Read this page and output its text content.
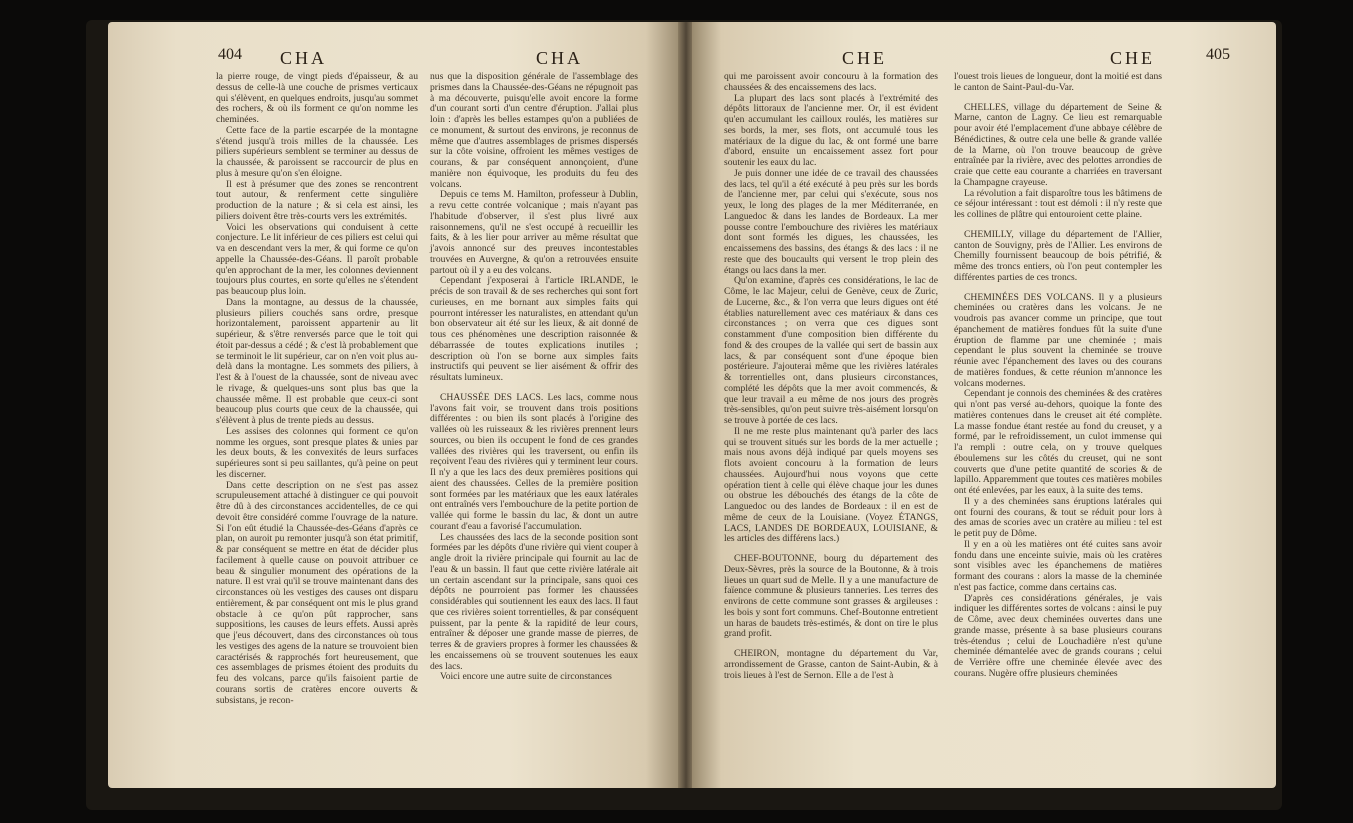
404 CHA	CHA

la pierre rouge, de vingt pieds d'épaisseur, & au dessus de celle-là une couche de prismes verticaux qui s'élèvent, en quelques endroits, jusqu'au sommet des rochers, & où ils forment ce qu'on nomme les cheminées.

Cette face de la partie escarpée de la montagne s'étend jusqu'à trois milles de la chaussée. Les piliers supérieurs semblent se terminer au dessus de la chaussée, & paroissent se raccourcir de plus en plus à mesure qu'on s'en éloigne.

Il est à présumer que des zones se rencontrent tout autour, & renferment cette singulière production de la nature ; & si cela est ainsi, les piliers doivent être très-courts vers les extrémités.

Voici les observations qui conduisent à cette conjecture. Le lit inférieur de ces piliers est celui qui va en descendant vers la mer, & qui forme ce qu'on appelle la Chaussée-des-Géans. Il paroît probable qu'en approchant de la mer, les colonnes deviennent toujours plus courtes, en sorte qu'elles ne s'étendent pas beaucoup plus loin.

Dans la montagne, au dessus de la chaussée, plusieurs piliers couchés sans ordre, presque horizontalement, paroissent appartenir au lit supérieur, & s'être renversés parce que le toit qui étoit par-dessus a cédé ; & c'est là probablement que se terminoit le lit supérieur, car on n'en voit plus au-delà dans la montagne. Les sommets des piliers, à l'est & à l'ouest de la chaussée, sont de niveau avec le rivage, & quelques-uns sont plus bas que la chaussée même. Il est probable que ceux-ci sont beaucoup plus courts que ceux de la chaussée, qui s'élèvent à plus de trente pieds au dessus.

Les assises des colonnes qui forment ce qu'on nomme les orgues, sont presque plates & unies par les deux bouts, & les convexités de leurs surfaces supérieures sont si peu saillantes, qu'à peine on peut les discerner.

Dans cette description on ne s'est pas assez scrupuleusement attaché à distinguer ce qui pouvoit être dû à des circonstances accidentelles, de ce qui devoit être considéré comme l'ouvrage de la nature. Si l'on eût étudié la Chaussée-des-Géans d'après ce plan, on auroit pu remonter jusqu'à son état primitif, & par conséquent se mettre en état de décider plus facilement à quelle cause on pouvoit attribuer ce beau & singulier monument des opérations de la nature. Il est vrai qu'il se trouve maintenant dans des circonstances où les vestiges des causes ont disparu entièrement, & par conséquent ont mis le plus grand obstacle à ce qu'on pût rapprocher, sans suppositions, les causes de leurs effets. Aussi après que j'eus découvert, dans des circonstances où tous les vestiges des agens de la nature se trouvoient bien caractérisés & rapprochés fort heureusement, que ces assemblages de prismes étoient des produits du feu des volcans, parce qu'ils faisoient partie de courans sortis de cratères encore ouverts & subsistans, je recon-

nus que la disposition générale de l'assemblage des prismes dans la Chaussée-des-Géans ne répugnoit pas à ma découverte, puisqu'elle avoit encore la forme d'un courant sorti d'un centre d'éruption. J'allai plus loin : d'après les belles estampes qu'on a publiées de ce monument, & surtout des environs, je reconnus de même que d'autres assemblages de prismes dispersés sur la côte voisine, offroient les mêmes vestiges de courans, & par conséquent annonçoient, d'une manière non équivoque, les produits du feu des volcans.

Depuis ce tems M. Hamilton, professeur à Dublin, a revu cette contrée volcanique ; mais n'ayant pas l'habitude d'observer, il s'est plus livré aux raisonnemens, qu'il ne s'est occupé à recueillir les faits, & à les lier pour arriver au même résultat que j'avois annoncé sur des preuves incontestables trouvées en Auvergne, & qu'on a retrouvées ensuite partout où il y a eu des volcans.

Cependant j'exposerai à l'article IRLANDE, le précis de son travail & de ses recherches qui sont fort curieuses, en me bornant aux simples faits qui pourront intéresser les naturalistes, en attendant qu'un bon observateur ait été sur les lieux, & ait donné de tous ces phénomènes une description raisonnée & débarrassée de toutes explications inutiles ; description où l'on se borne aux simples faits instructifs qui peuvent se lier aisément & offrir des résultats lumineux.

CHAUSSÉE DES LACS. Les lacs, comme nous l'avons fait voir, se trouvent dans trois positions différentes : ou bien ils sont placés à l'origine des vallées où les ruisseaux & les rivières prennent leurs sources, ou bien ils occupent le fond de ces grandes vallées des rivières qui les traversent, ou enfin ils reçoivent l'eau des rivières qui y terminent leur cours. Il n'y a que les lacs des deux premières positions qui aient des chaussées. Celles de la première position sont formées par les matériaux que les eaux latérales ont entraînés vers l'embouchure de la petite portion de vallée qui forme le bassin du lac, & dont un autre courant d'eau a favorisé l'accumulation.

Les chaussées des lacs de la seconde position sont formées par les dépôts d'une rivière qui vient couper à angle droit la rivière principale qui fournit au lac de l'eau & un bassin. Il faut que cette rivière latérale ait un certain ascendant sur la principale, sans quoi ces dépôts ne pourroient pas former les chaussées considérables qui soutiennent les eaux des lacs. Il faut que ces rivières soient torrentielles, & par conséquent puissent, par la pente & la rapidité de leur cours, entraîner & déposer une grande masse de pierres, de terres & de graviers propres à former les chaussées & les encaissemens où se trouvent soutenues les eaux des lacs.

Voici encore une autre suite de circonstances

CHE	CHE	405

qui me paroissent avoir concouru à la formation des chaussées & des encaissemens des lacs.

La plupart des lacs sont placés à l'extrémité des dépôts littoraux de l'ancienne mer. Or, il est évident qu'en accumulant les cailloux roulés, les matières sur ses bords, la mer, ses flots, ont accumulé tous les matériaux de la digue du lac, & ont formé une barre d'abord, ensuite un encaissement assez fort pour soutenir les eaux du lac.

Je puis donner une idée de ce travail des chaussées des lacs, tel qu'il a été exécuté à peu près sur les bords de l'ancienne mer, par celui qui s'exécute, sous nos yeux, le long des plages de la mer Méditerranée, en Languedoc & dans les landes de Bordeaux. La mer pousse contre l'embouchure des rivières les matériaux dont sont formés les digues, les chaussées, les encaissemens des bassins, des étangs & des lacs : il ne reste que des boucaults qui versent le trop plein des étangs ou lacs dans la mer.

Qu'on examine, d'après ces considérations, le lac de Côme, le lac Majeur, celui de Genève, ceux de Zuric, de Lucerne, &c., & l'on verra que leurs digues ont été établies naturellement avec ces matériaux & dans ces circonstances ; on verra que ces digues sont constamment d'une composition bien différente du fond & des croupes de la vallée qui sert de bassin aux lacs, & par conséquent sont d'une époque bien postérieure. J'ajouterai même que les rivières latérales & torrentielles ont, dans plusieurs circonstances, complété les dépôts que la mer avoit commencés, & que leur travail a eu même de nos jours des progrès très-sensibles, qu'on peut suivre très-aisément lorsqu'on se trouve à portée de ces lacs.

Il ne me reste plus maintenant qu'à parler des lacs qui se trouvent situés sur les bords de la mer actuelle ; mais nous avons déjà indiqué par quels moyens ses flots avoient concouru à la formation de leurs chaussées. Aujourd'hui nous voyons que cette opération tient à celle qui élève chaque jour les dunes ou obstrue les débouchés des étangs de la côte de Languedoc ou des landes de Bordeaux : il en est de même de ceux de la Louisiane. (Voyez ÉTANGS, LACS, LANDES DE BORDEAUX, LOUISIANE, & les articles des différens lacs.)

CHEF-BOUTONNE, bourg du département des Deux-Sèvres, près la source de la Boutonne, & à trois lieues un quart sud de Melle. Il y a une manufacture de faïence commune & plusieurs tanneries. Les terres des environs de cette commune sont grasses & argileuses : les bois y sont fort communs. Chef-Boutonne entretient un haras de baudets très-estimés, & dont on tire le plus grand profit.

CHEIRON, montagne du département du Var, arrondissement de Grasse, canton de Saint-Aubin, & à trois lieues à l'est de Sernon. Elle a de l'est à

l'ouest trois lieues de longueur, dont la moitié est dans le canton de Saint-Paul-du-Var.

CHELLES, village du département de Seine & Marne, canton de Lagny. Ce lieu est remarquable pour avoir été l'emplacement d'une abbaye célèbre de Bénédictines, & outre cela une belle & grande vallée de la Marne, où l'on trouve beaucoup de grève entraînée par la rivière, avec des pelottes arrondies de craie que cette eau courante a charriées en traversant la Champagne crayeuse.

La révolution a fait disparoître tous les bâtimens de ce séjour intéressant : tout est démoli : il n'y reste que les collines de plâtre qui entouroient cette plaine.

CHEMILLY, village du département de l'Allier, canton de Souvigny, près de l'Allier. Les environs de Chemilly fournissent beaucoup de bois pétrifié, & même des troncs entiers, où l'on peut contempler les différentes parties de ces troncs.

CHEMINÉES DES VOLCANS. Il y a plusieurs cheminées ou cratères dans les volcans. Je ne voudrois pas avancer comme un principe, que tout épanchement de matières fondues fût la suite d'une éruption de flamme par une cheminée ; mais cependant le plus souvent la cheminée se trouve réunie avec l'épanchement des laves ou des courans de matières fondues, & cette réunion m'annonce les volcans modernes.

Cependant je connois des cheminées & des cratères qui n'ont pas versé au-dehors, quoique la fonte des matières contenues dans le creuset ait été complète. La masse fondue étant restée au fond du creuset, y a formé, par le refroidissement, un culot immense qui l'a rempli : outre cela, on y trouve quelques éboulemens sur les côtés du creuset, qui ne sont couverts que d'une petite quantité de scories & de lapillo. Apparemment que toutes ces matières mobiles ont été enlevées, par les eaux, à la suite des tems.

Il y a des cheminées sans éruptions latérales qui ont fourni des courans, & tout se réduit pour lors à des amas de scories avec un cratère au milieu : tel est le petit puy de Dôme.

Il y en a où les matières ont été cuites sans avoir fondu dans une enceinte suivie, mais où les cratères sont visibles avec les épanchemens de matières formant des courans : alors la masse de la cheminée n'est pas factice, comme dans certains cas.

D'après ces considérations générales, je vais indiquer les différentes sortes de volcans : ainsi le puy de Côme, avec deux cheminées ouvertes dans une grande masse, présente à sa base plusieurs courans très-étendus ; celui de Louchadière n'est qu'une cheminée démantelée avec de grands courans ; celui de Verrière offre une cheminée élevée avec des courans. Nugère offre plusieurs cheminées
